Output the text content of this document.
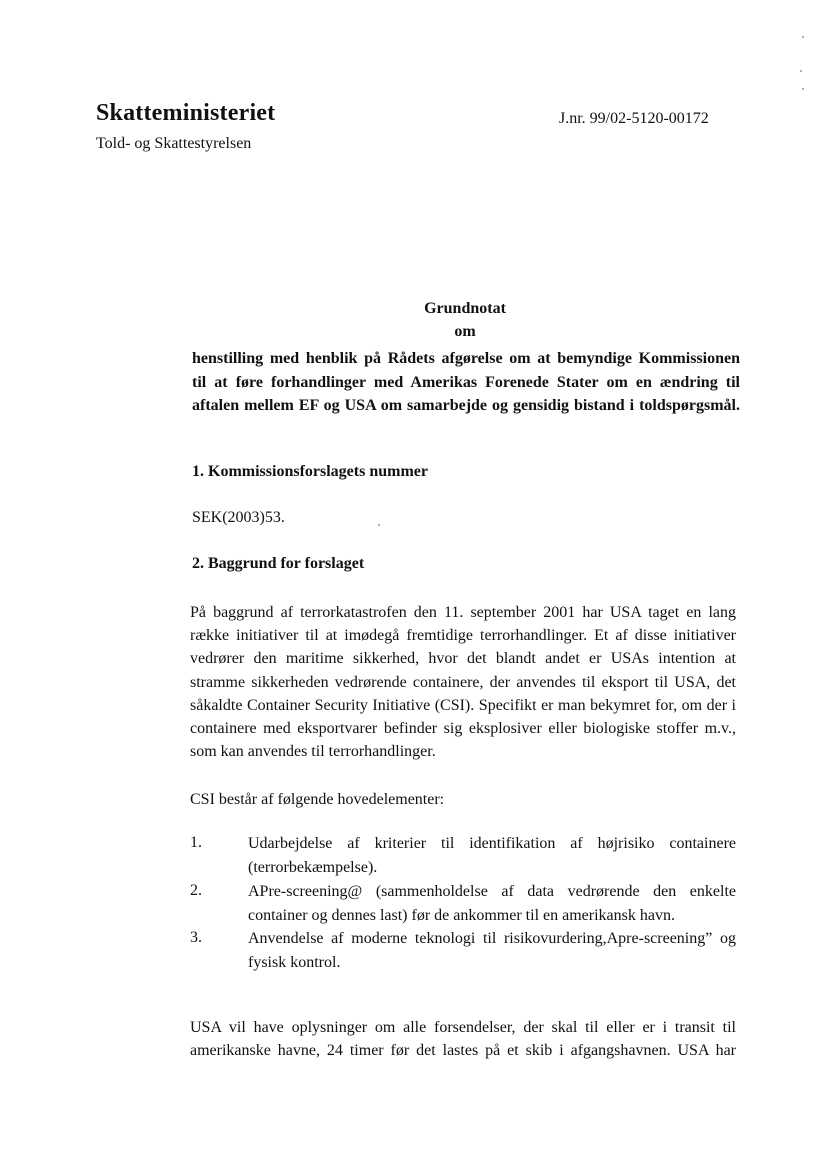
Skatteministeriet
Told- og Skattestyrelsen
J.nr. 99/02-5120-00172
Grundnotat
om
henstilling med henblik på Rådets afgørelse om at bemyndige Kommissionen
til at føre forhandlinger med Amerikas Forenede Stater om en ændring til
aftalen mellem EF og USA om samarbejde og gensidig bistand i toldspørgsmål.
1. Kommissionsforslagets nummer
SEK(2003)53.
2. Baggrund for forslaget
På baggrund af terrorkatastrofen den 11. september 2001 har USA taget en lang
række initiativer til at imødegå fremtidige terrorhandlinger. Et af disse initiativer
vedrører den maritime sikkerhed, hvor det blandt andet er USAs intention at
stramme sikkerheden vedrørende containere, der anvendes til eksport til USA, det
såkaldte Container Security Initiative (CSI). Specifikt er man bekymret for, om der i
containere med eksportvarer befinder sig eksplosiver eller biologiske stoffer m.v.,
som kan anvendes til terrorhandlinger.
CSI består af følgende hovedelementer:
1.	Udarbejdelse af kriterier til identifikation af højrisiko containere
(terrorbekæmpelse).
2.	ΑPre-screening@ (sammenholdelse af data vedrørende den enkelte
container og dennes last) før de ankommer til en amerikansk havn.
3.	Anvendelse af moderne teknologi til risikovurdering,Αpre-screening” og
fysisk kontrol.
USA vil have oplysninger om alle forsendelser, der skal til eller er i transit til
amerikanske havne, 24 timer før det lastes på et skib i afgangshavnen. USA har
